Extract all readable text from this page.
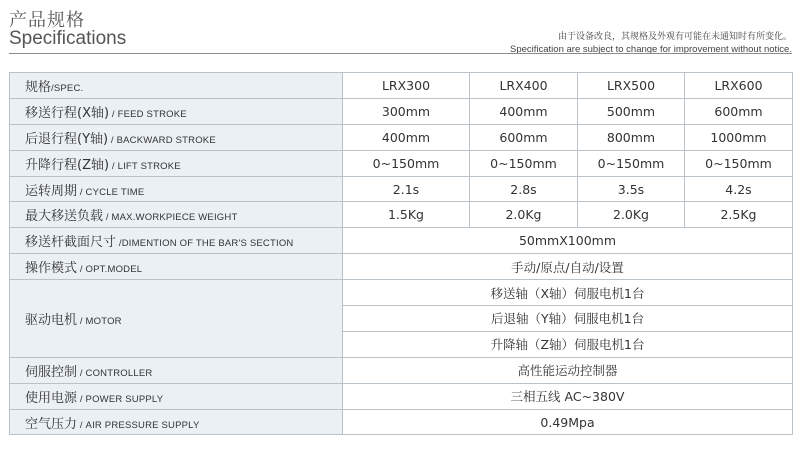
产品规格
Specifications	由于设备改良，其规格及外观有可能在未通知时有所变化。
Specification are subject to change for improvement without notice.
规格/SPEC.	LRX300	LRX400	LRX500	LRX600
移送行程(X轴) / FEED STROKE	300mm	400mm	500mm	600mm
后退行程(Y轴) / BACKWARD STROKE	400mm	600mm	800mm	1000mm
升降行程(Z轴) / LIFT STROKE	0~150mm	0~150mm	0~150mm	0~150mm
运转周期 / CYCLE TIME	2.1s	2.8s	3.5s	4.2s
最大移送负载 / MAX.WORKPIECE WEIGHT	1.5Kg	2.0Kg	2.0Kg	2.5Kg
移送杆截面尺寸 /DIMENTION OF THE BAR'S SECTION	50mmX100mm			
操作模式 / OPT.MODEL	手动/原点/自动/设置			
驱动电机 / MOTOR	移送轴（X轴）伺服电机1台			
	后退轴（Y轴）伺服电机1台			
	升降轴（Z轴）伺服电机1台			
伺服控制 / CONTROLLER	高性能运动控制器			
使用电源 / POWER SUPPLY	三相五线 AC~380V			
空气压力 / AIR PRESSURE SUPPLY	0.49Mpa			
